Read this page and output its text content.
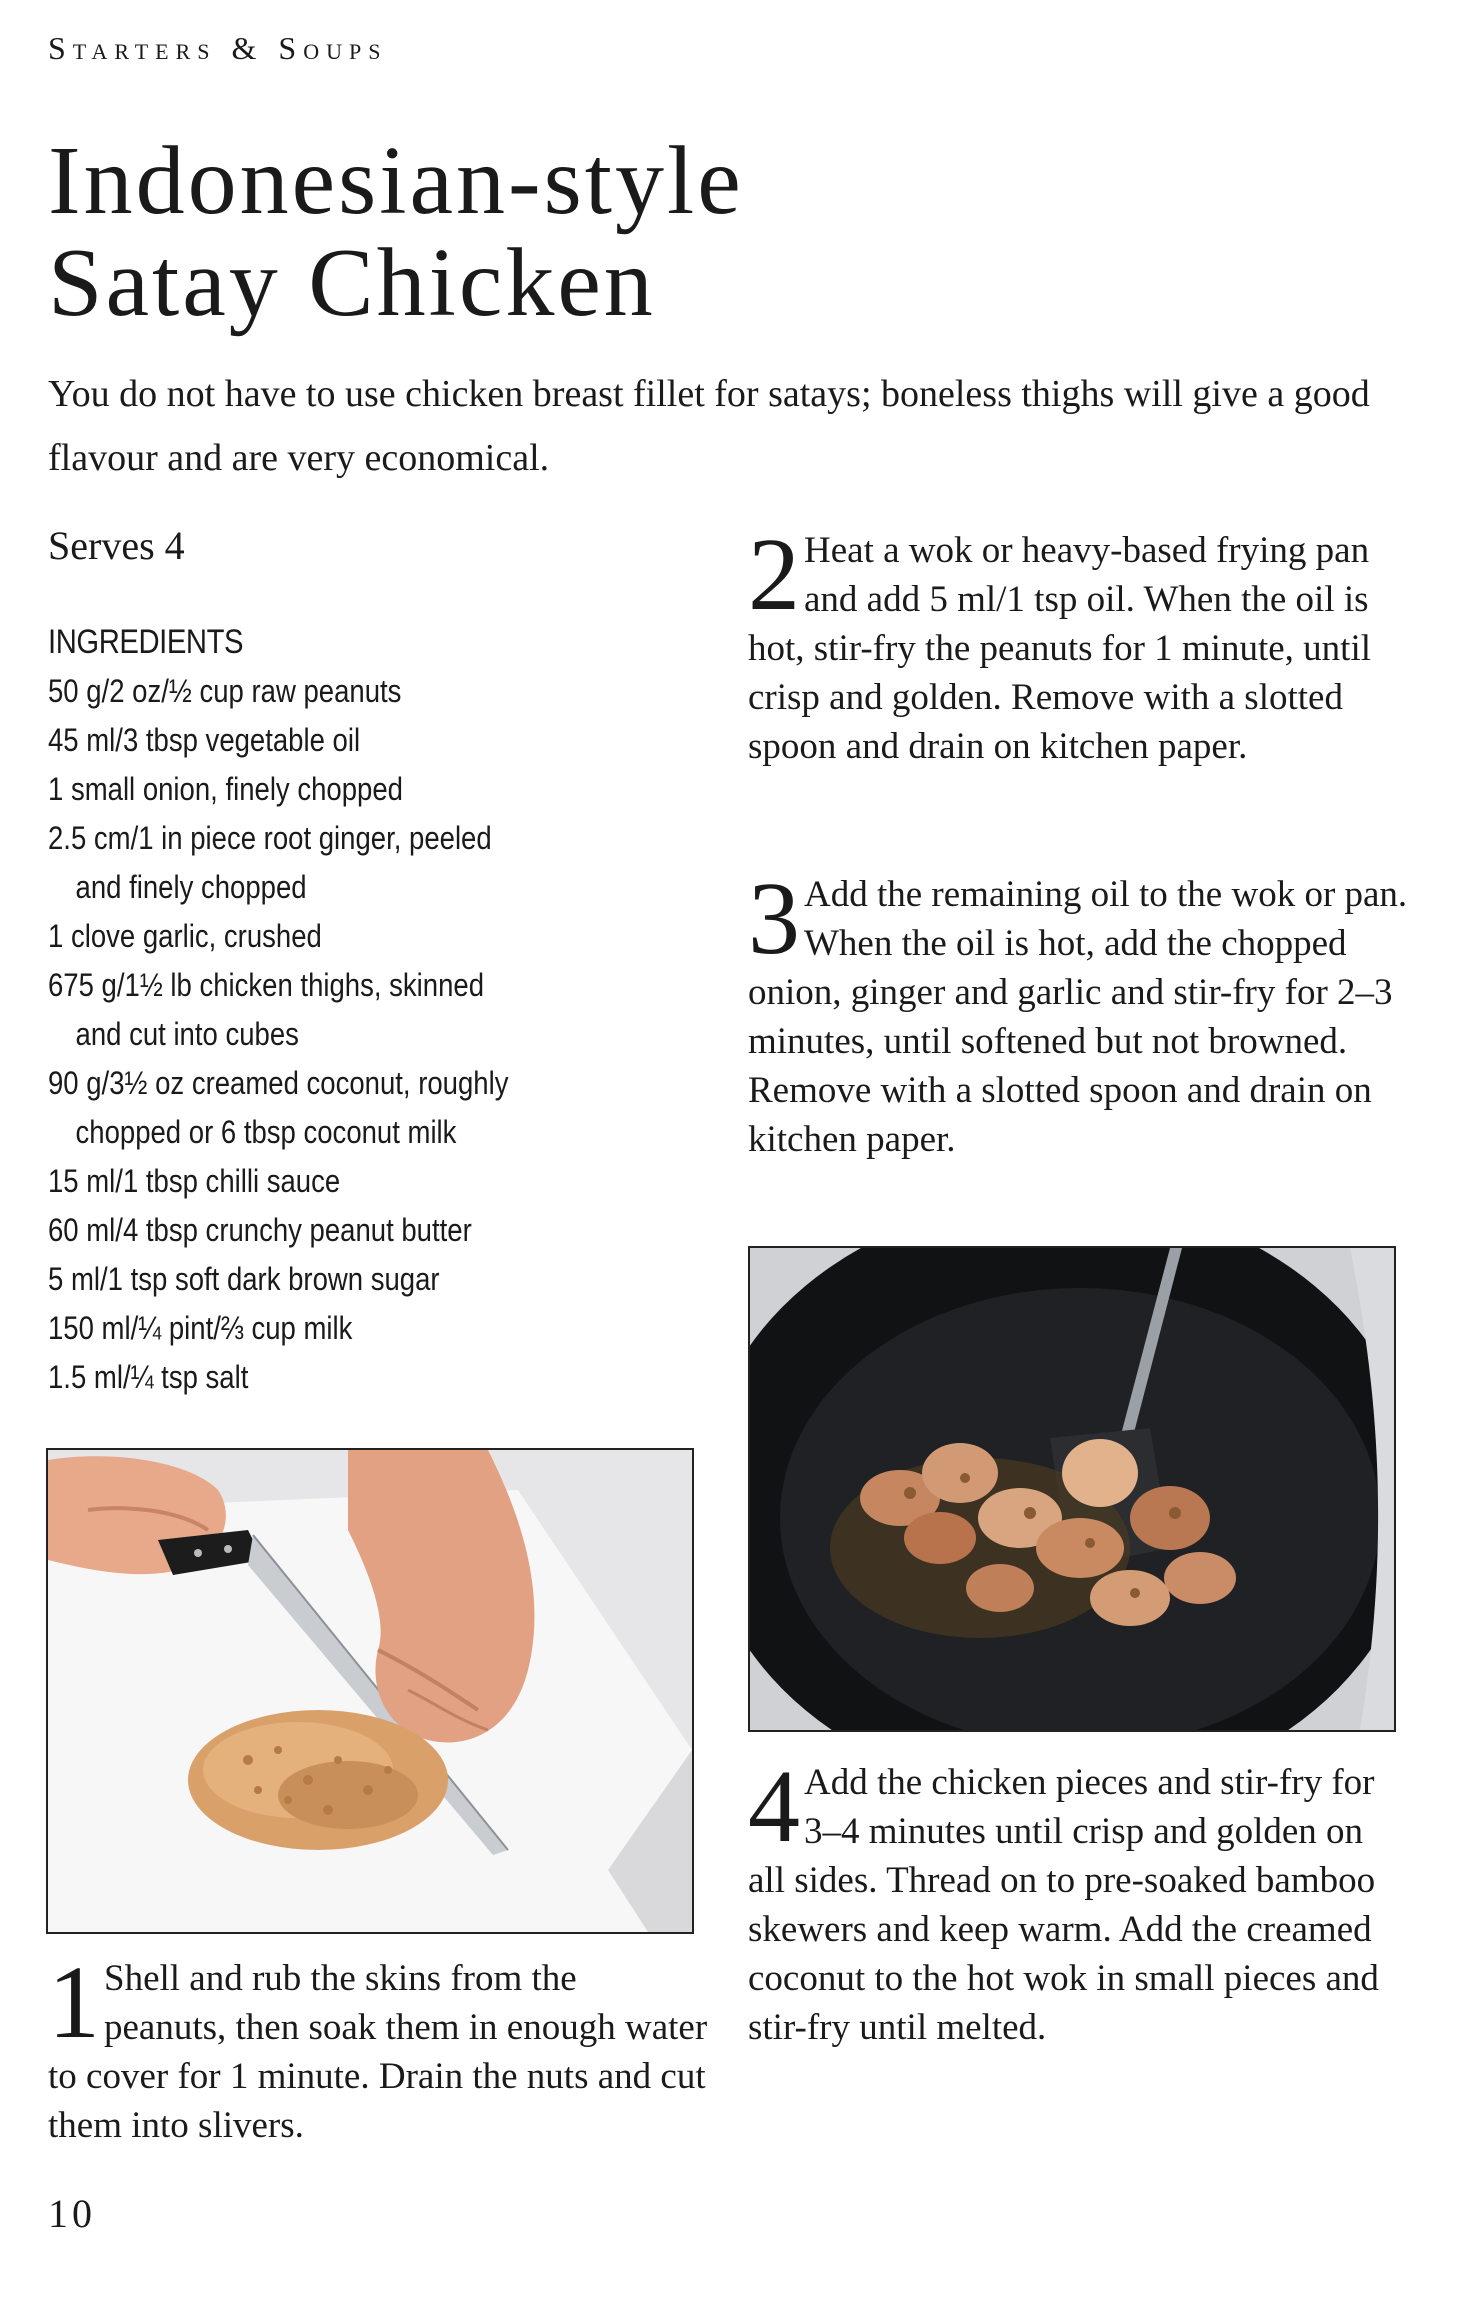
Starters & Soups
Indonesian-style
Satay Chicken

You do not have to use chicken breast fillet for satays; boneless thighs will give a good flavour and are very economical.

Serves 4
INGREDIENTS
50 g/2 oz/½ cup raw peanuts
45 ml/3 tbsp vegetable oil
1 small onion, finely chopped
2.5 cm/1 in piece root ginger, peeled
and finely chopped
1 clove garlic, crushed
675 g/1½ lb chicken thighs, skinned
and cut into cubes
90 g/3½ oz creamed coconut, roughly
chopped or 6 tbsp coconut milk
15 ml/1 tbsp chilli sauce
60 ml/4 tbsp crunchy peanut butter
5 ml/1 tsp soft dark brown sugar
150 ml/¼ pint/⅔ cup milk
1.5 ml/¼ tsp salt

1 Shell and rub the skins from the peanuts, then soak them in enough water to cover for 1 minute. Drain the nuts and cut them into slivers.

2 Heat a wok or heavy-based frying pan and add 5 ml/1 tsp oil. When the oil is hot, stir-fry the peanuts for 1 minute, until crisp and golden. Remove with a slotted spoon and drain on kitchen paper.

3 Add the remaining oil to the wok or pan. When the oil is hot, add the chopped onion, ginger and garlic and stir-fry for 2–3 minutes, until softened but not browned. Remove with a slotted spoon and drain on kitchen paper.

4 Add the chicken pieces and stir-fry for 3–4 minutes until crisp and golden on all sides. Thread on to pre-soaked bamboo skewers and keep warm. Add the creamed coconut to the hot wok in small pieces and stir-fry until melted.

10
